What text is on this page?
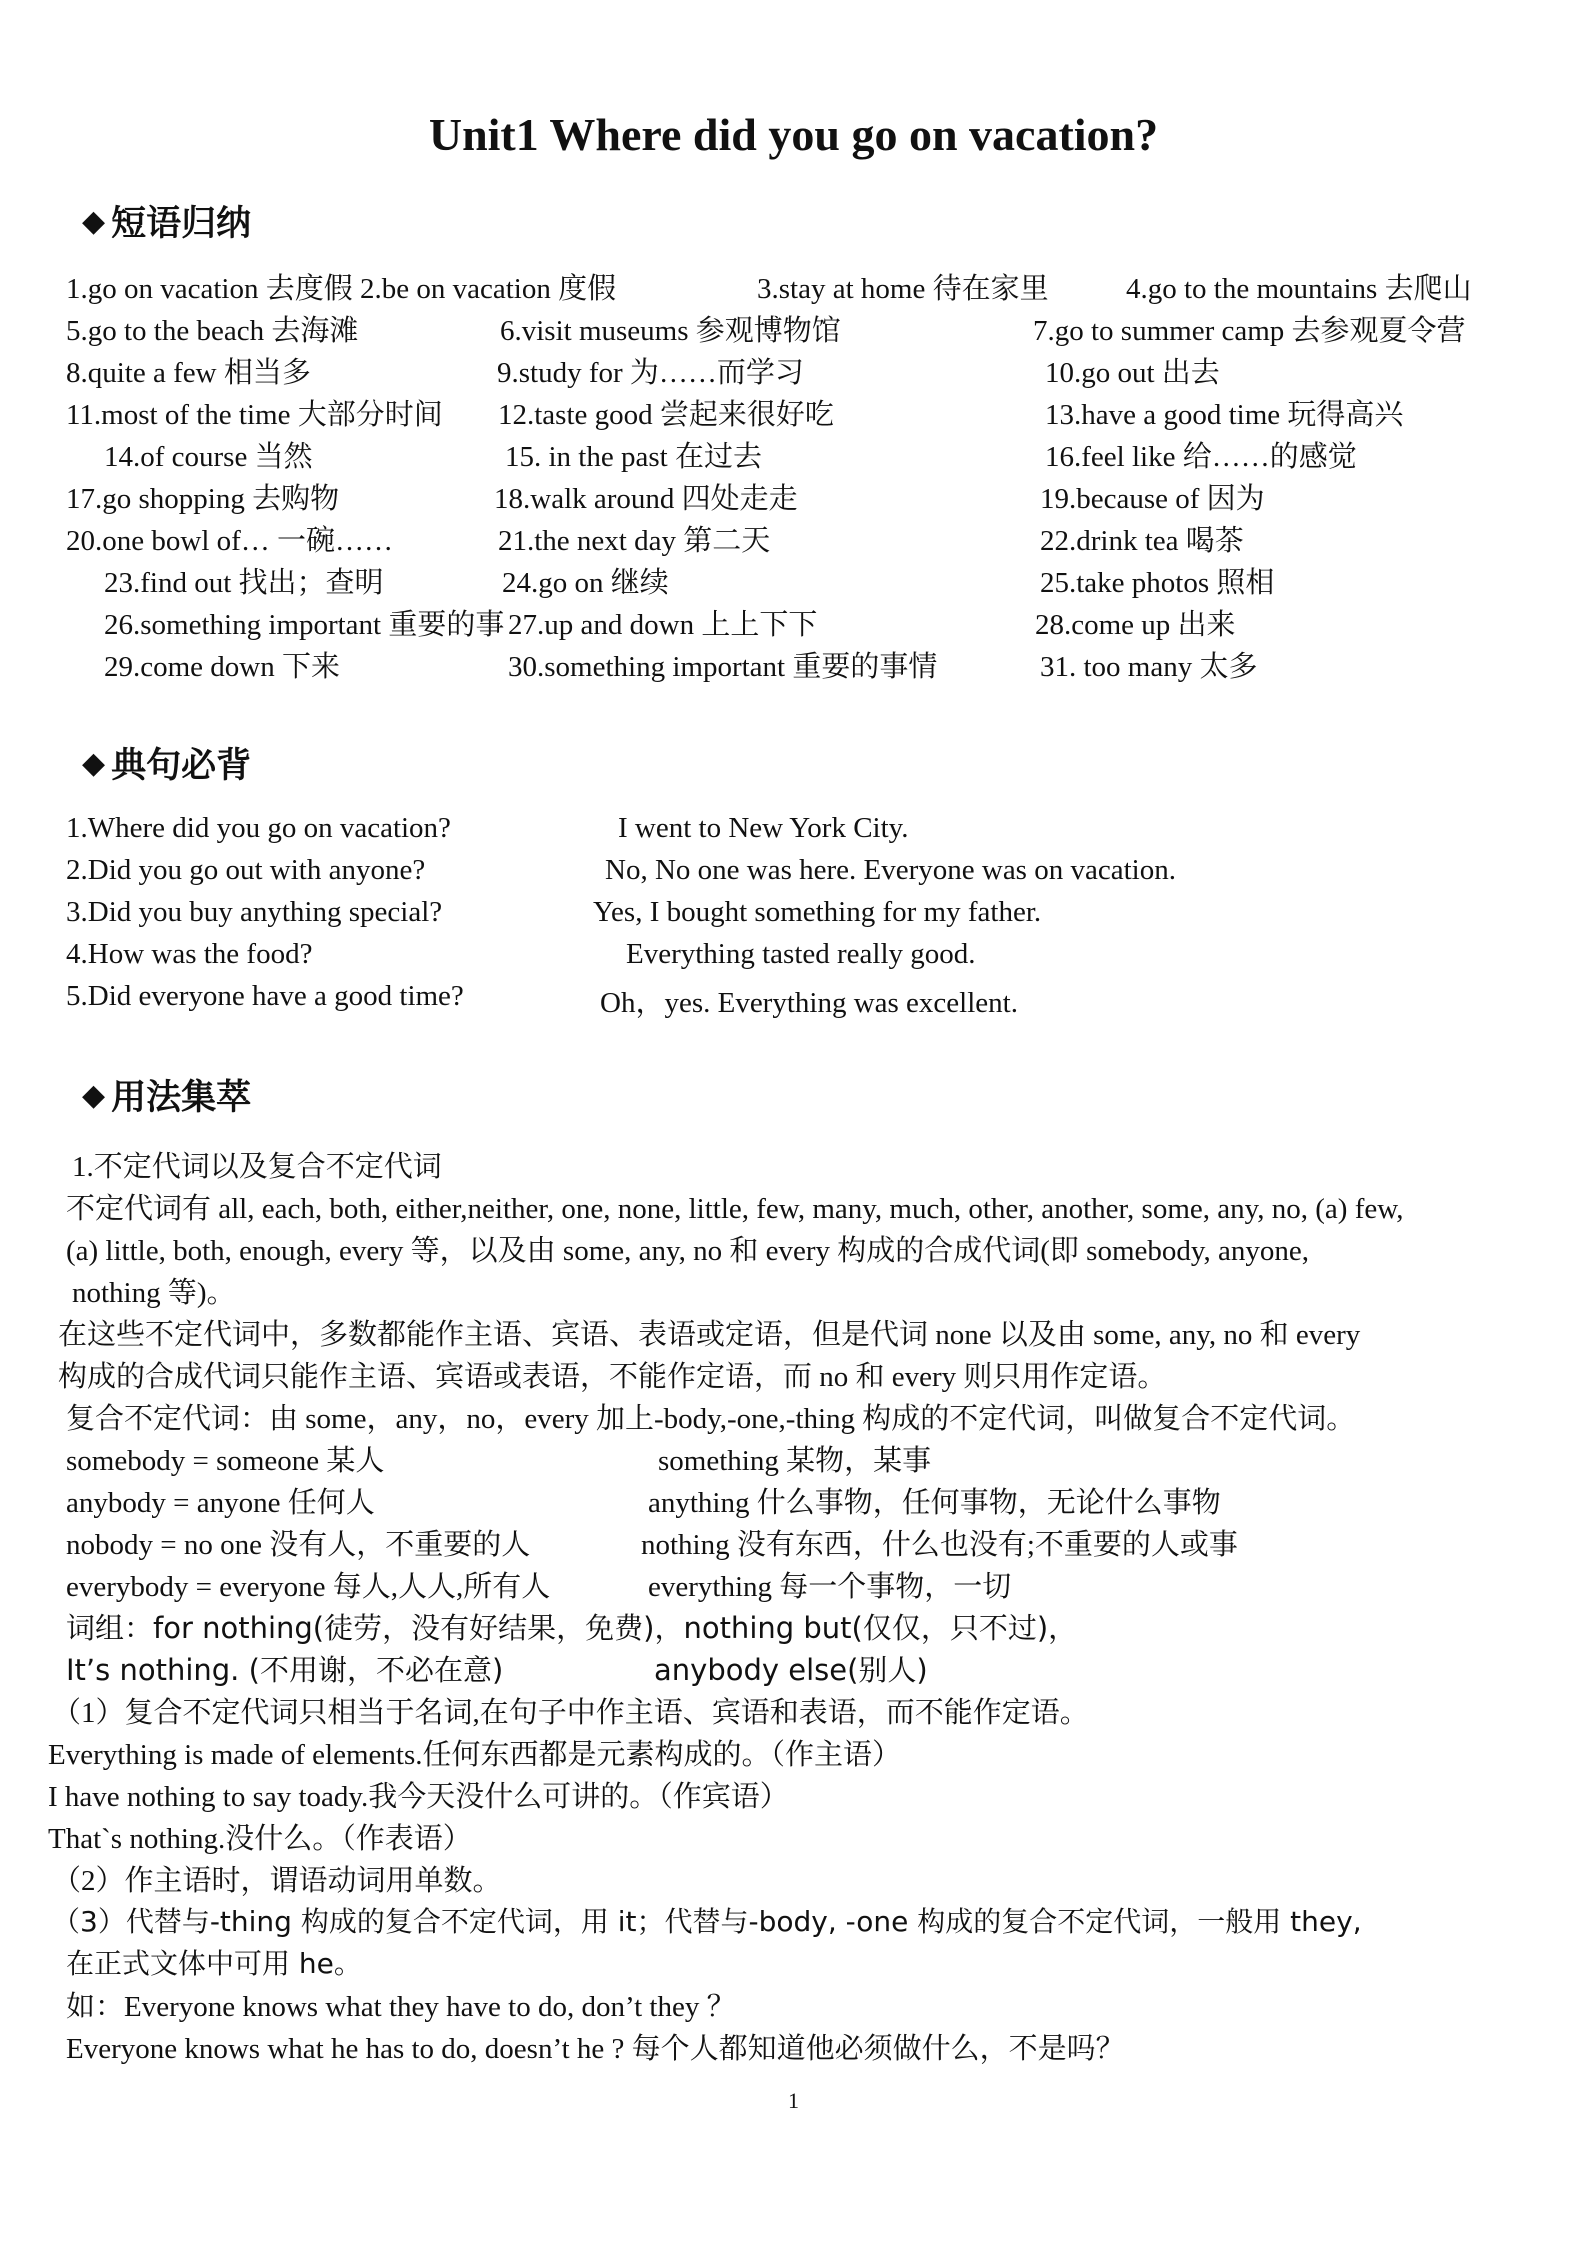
Unit1 Where did you go on vacation?
◆ 短语归纳
1.go on vacation 去度假 2.be on vacation 度假	3.stay at home 待在家里	4.go to the mountains 去爬山
5.go to the beach 去海滩	6.visit museums 参观博物馆	7.go to summer camp 去参观夏令营
8.quite a few 相当多	9.study for 为……而学习	10.go out 出去
11.most of the time 大部分时间 12.taste good 尝起来很好吃	13.have a good time 玩得高兴
14.of course 当然	15. in the past 在过去	16.feel like 给……的感觉
17.go shopping 去购物	18.walk around 四处走走	19.because of 因为
20.one bowl of… 一碗……	21.the next day 第二天	22.drink tea 喝茶
23.find out 找出；查明	24.go on 继续	25.take photos 照相
26.something important 重要的事 27.up and down 上上下下	28.come up 出来
29.come down 下来	30.something important 重要的事情	31. too many 太多
◆ 典句必背
1.Where did you go on vacation?	I went to New York City.
2.Did you go out with anyone?	No, No one was here. Everyone was on vacation.
3.Did you buy anything special?	Yes, I bought something for my father.
4.How was the food?	Everything tasted really good.
5.Did everyone have a good time?	Oh，yes. Everything was excellent.
◆ 用法集萃
1.不定代词以及复合不定代词
不定代词有 all, each, both, either,neither, one, none, little, few, many, much, other, another, some, any, no, (a) few,
(a) little, both, enough, every 等，以及由 some, any, no 和 every 构成的合成代词(即 somebody, anyone,
nothing 等)。
在这些不定代词中，多数都能作主语、宾语、表语或定语，但是代词 none 以及由 some, any, no 和 every
构成的合成代词只能作主语、宾语或表语，不能作定语，而 no 和 every 则只用作定语。
复合不定代词：由 some，any，no，every 加上-body,-one,-thing 构成的不定代词，叫做复合不定代词。
somebody = someone 某人	something 某物，某事
anybody = anyone 任何人	anything 什么事物，任何事物，无论什么事物
nobody = no one 没有人，不重要的人	nothing 没有东西，什么也没有;不重要的人或事
everybody = everyone 每人,人人,所有人	everything 每一个事物，一切
词组：for nothing(徒劳，没有好结果，免费)，nothing but(仅仅，只不过)，
It’s nothing. (不用谢，不必在意)	anybody else(别人)
（1）复合不定代词只相当于名词,在句子中作主语、宾语和表语，而不能作定语。
Everything is made of elements.任何东西都是元素构成的。（作主语）
I have nothing to say toady.我今天没什么可讲的。（作宾语）
That`s nothing.没什么。（作表语）
（2）作主语时，谓语动词用单数。
（3）代替与-thing 构成的复合不定代词，用 it；代替与-body, -one 构成的复合不定代词，一般用 they,
在正式文体中可用 he。
如：Everyone knows what they have to do, don’t they ？
Everyone knows what he has to do, doesn’t he ? 每个人都知道他必须做什么，不是吗？
1
